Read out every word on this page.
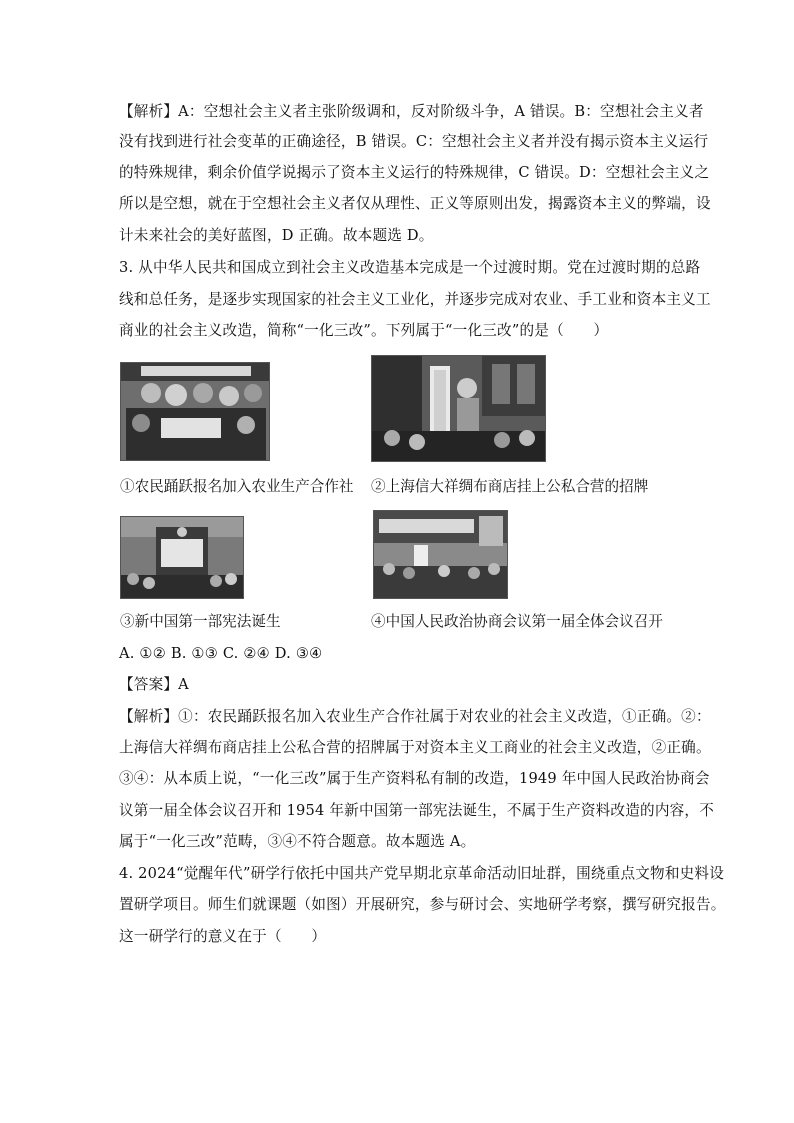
【解析】A：空想社会主义者主张阶级调和，反对阶级斗争，A 错误。B：空想社会主义者
没有找到进行社会变革的正确途径，B 错误。C：空想社会主义者并没有揭示资本主义运行
的特殊规律，剩余价值学说揭示了资本主义运行的特殊规律，C 错误。D：空想社会主义之
所以是空想，就在于空想社会主义者仅从理性、正义等原则出发，揭露资本主义的弊端，设
计未来社会的美好蓝图，D 正确。故本题选 D。
3. 从中华人民共和国成立到社会主义改造基本完成是一个过渡时期。党在过渡时期的总路
线和总任务，是逐步实现国家的社会主义工业化，并逐步完成对农业、手工业和资本主义工
商业的社会主义改造，简称“一化三改”。下列属于“一化三改”的是（　　）
①农民踊跃报名加入农业生产合作社 ②上海信大祥绸布商店挂上公私合营的招牌
③新中国第一部宪法诞生	④中国人民政治协商会议第一届全体会议召开
A. ①② B. ①③ C. ②④ D. ③④
【答案】A
【解析】①：农民踊跃报名加入农业生产合作社属于对农业的社会主义改造，①正确。②：
上海信大祥绸布商店挂上公私合营的招牌属于对资本主义工商业的社会主义改造，②正确。
③④：从本质上说，“一化三改”属于生产资料私有制的改造，1949 年中国人民政治协商会
议第一届全体会议召开和 1954 年新中国第一部宪法诞生，不属于生产资料改造的内容，不
属于“一化三改”范畴，③④不符合题意。故本题选 A。
4. 2024“觉醒年代”研学行依托中国共产党早期北京革命活动旧址群，围绕重点文物和史料设
置研学项目。师生们就课题（如图）开展研究，参与研讨会、实地研学考察，撰写研究报告。
这一研学行的意义在于（　　）
